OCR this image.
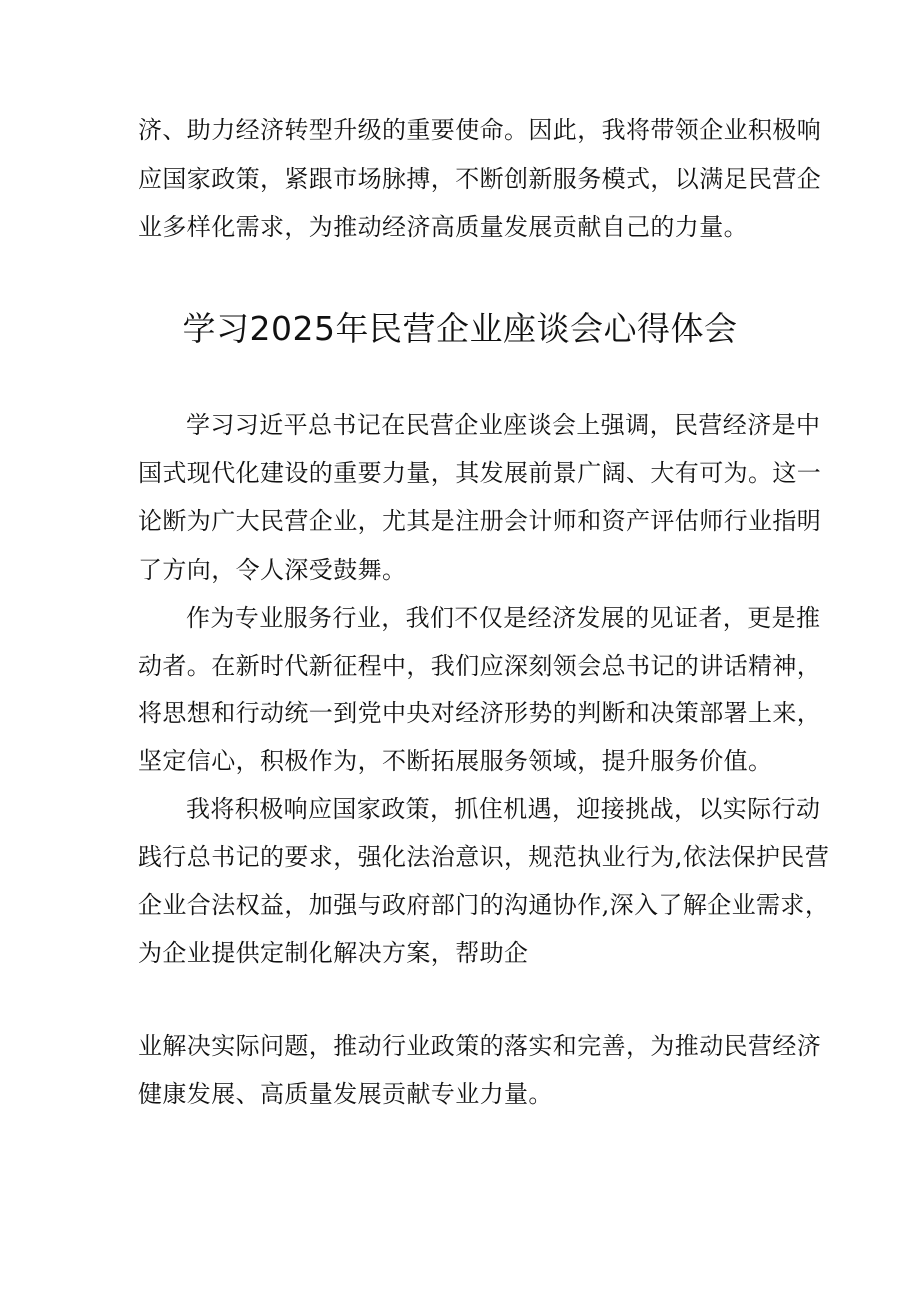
济、助力经济转型升级的重要使命。因此，我将带领企业积极响
应国家政策，紧跟市场脉搏，不断创新服务模式，以满足民营企
业多样化需求，为推动经济高质量发展贡献自己的力量。
学习2025年民营企业座谈会心得体会
学习习近平总书记在民营企业座谈会上强调，民营经济是中
国式现代化建设的重要力量，其发展前景广阔、大有可为。这一
论断为广大民营企业，尤其是注册会计师和资产评估师行业指明
了方向，令人深受鼓舞。
作为专业服务行业，我们不仅是经济发展的见证者，更是推
动者。在新时代新征程中，我们应深刻领会总书记的讲话精神，
将思想和行动统一到党中央对经济形势的判断和决策部署上来，
坚定信心，积极作为，不断拓展服务领域，提升服务价值。
我将积极响应国家政策，抓住机遇，迎接挑战，以实际行动
践行总书记的要求，强化法治意识，规范执业行为,依法保护民营
企业合法权益，加强与政府部门的沟通协作,深入了解企业需求，
为企业提供定制化解决方案，帮助企
业解决实际问题，推动行业政策的落实和完善，为推动民营经济
健康发展、高质量发展贡献专业力量。
